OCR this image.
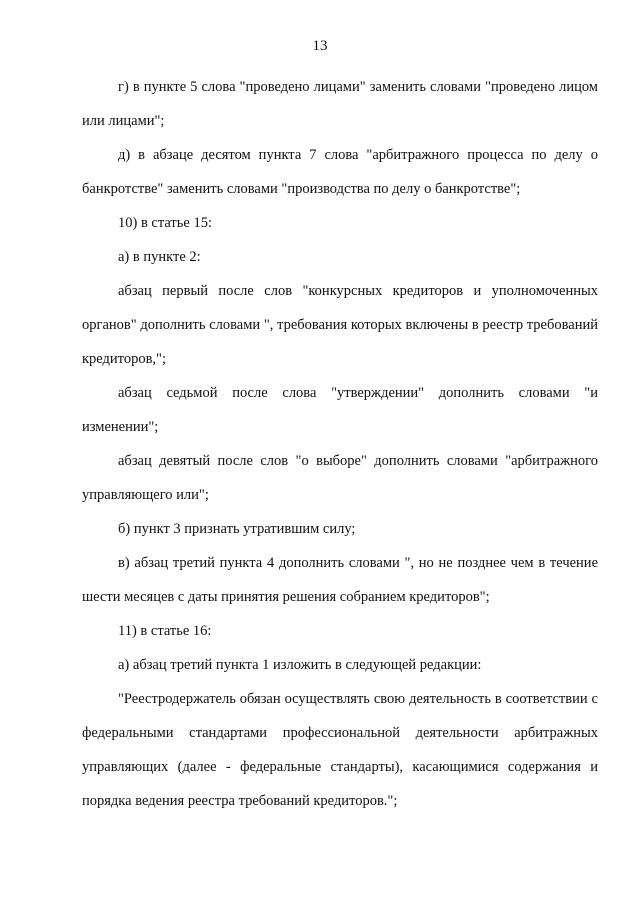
13

г) в пункте 5 слова "проведено лицами" заменить словами "проведено лицом или лицами";

д) в абзаце десятом пункта 7 слова "арбитражного процесса по делу о банкротстве" заменить словами "производства по делу о банкротстве";

10) в статье 15:

а) в пункте 2:

абзац первый после слов "конкурсных кредиторов и уполномоченных органов" дополнить словами ", требования которых включены в реестр требований кредиторов,";

абзац седьмой после слова "утверждении" дополнить словами "и изменении";

абзац девятый после слов "о выборе" дополнить словами "арбитражного управляющего или";

б) пункт 3 признать утратившим силу;

в) абзац третий пункта 4 дополнить словами ", но не позднее чем в течение шести месяцев с даты принятия решения собранием кредиторов";

11) в статье 16:

а) абзац третий пункта 1 изложить в следующей редакции:

"Реестродержатель обязан осуществлять свою деятельность в соответствии с федеральными стандартами профессиональной деятельности арбитражных управляющих (далее - федеральные стандарты), касающимися содержания и порядка ведения реестра требований кредиторов.";
